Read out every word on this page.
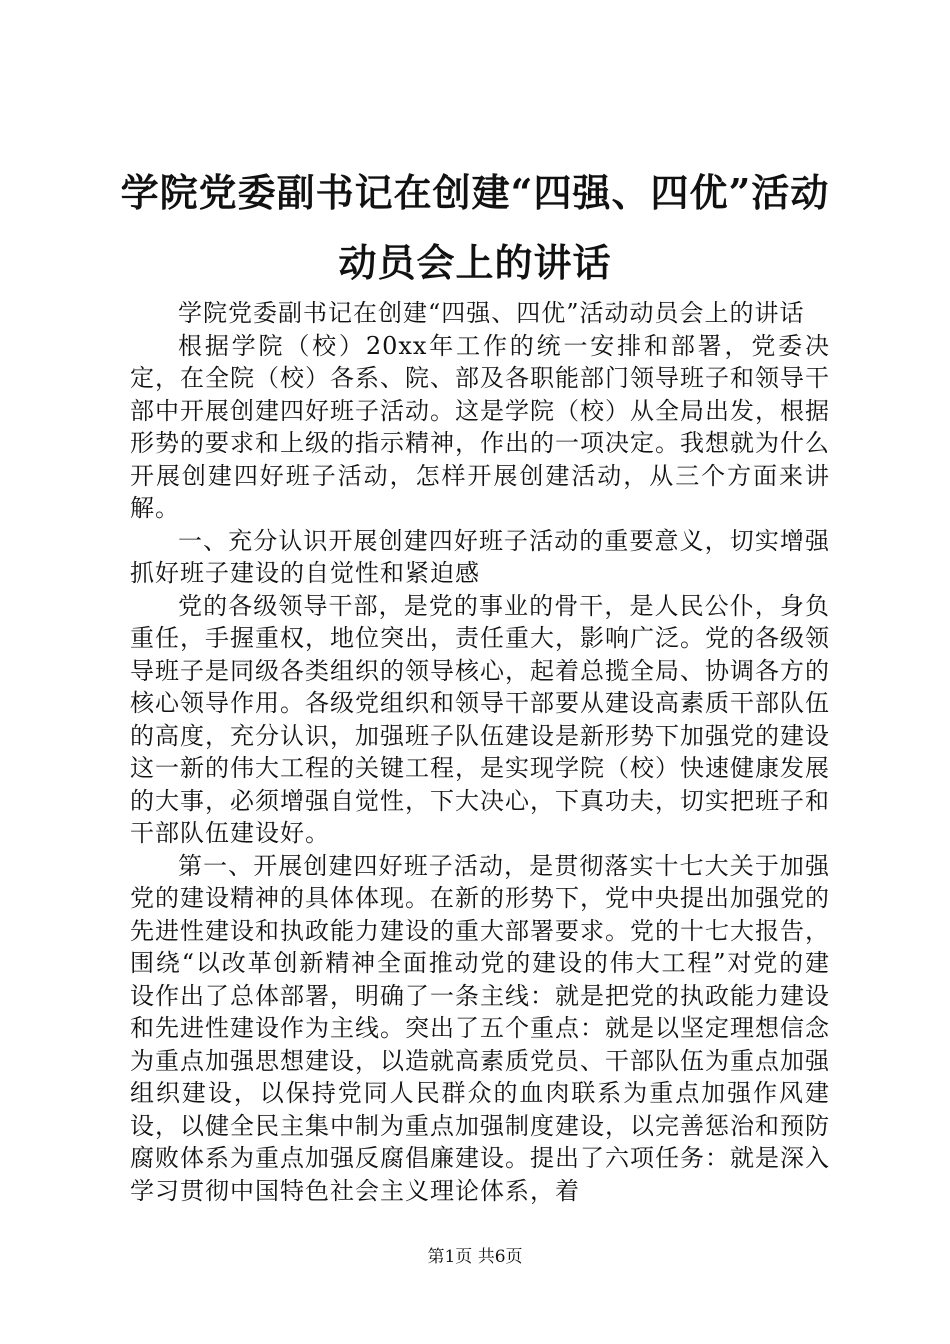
学院党委副书记在创建“四强、四优”活动动员会上的讲话

学院党委副书记在创建“四强、四优”活动动员会上的讲话

根据学院（校）20xx年工作的统一安排和部署，党委决定，在全院（校）各系、院、部及各职能部门领导班子和领导干部中开展创建四好班子活动。这是学院（校）从全局出发，根据形势的要求和上级的指示精神，作出的一项决定。我想就为什么开展创建四好班子活动，怎样开展创建活动，从三个方面来讲解。

一、充分认识开展创建四好班子活动的重要意义，切实增强抓好班子建设的自觉性和紧迫感

党的各级领导干部，是党的事业的骨干，是人民公仆，身负重任，手握重权，地位突出，责任重大，影响广泛。党的各级领导班子是同级各类组织的领导核心，起着总揽全局、协调各方的核心领导作用。各级党组织和领导干部要从建设高素质干部队伍的高度，充分认识，加强班子队伍建设是新形势下加强党的建设这一新的伟大工程的关键工程，是实现学院（校）快速健康发展的大事，必须增强自觉性，下大决心，下真功夫，切实把班子和干部队伍建设好。

第一、开展创建四好班子活动，是贯彻落实十七大关于加强党的建设精神的具体体现。在新的形势下，党中央提出加强党的先进性建设和执政能力建设的重大部署要求。党的十七大报告，围绕“以改革创新精神全面推动党的建设的伟大工程”对党的建设作出了总体部署，明确了一条主线：就是把党的执政能力建设和先进性建设作为主线。突出了五个重点：就是以坚定理想信念为重点加强思想建设，以造就高素质党员、干部队伍为重点加强组织建设，以保持党同人民群众的血肉联系为重点加强作风建设，以健全民主集中制为重点加强制度建设，以完善惩治和预防腐败体系为重点加强反腐倡廉建设。提出了六项任务：就是深入学习贯彻中国特色社会主义理论体系，着

第1页 共6页
